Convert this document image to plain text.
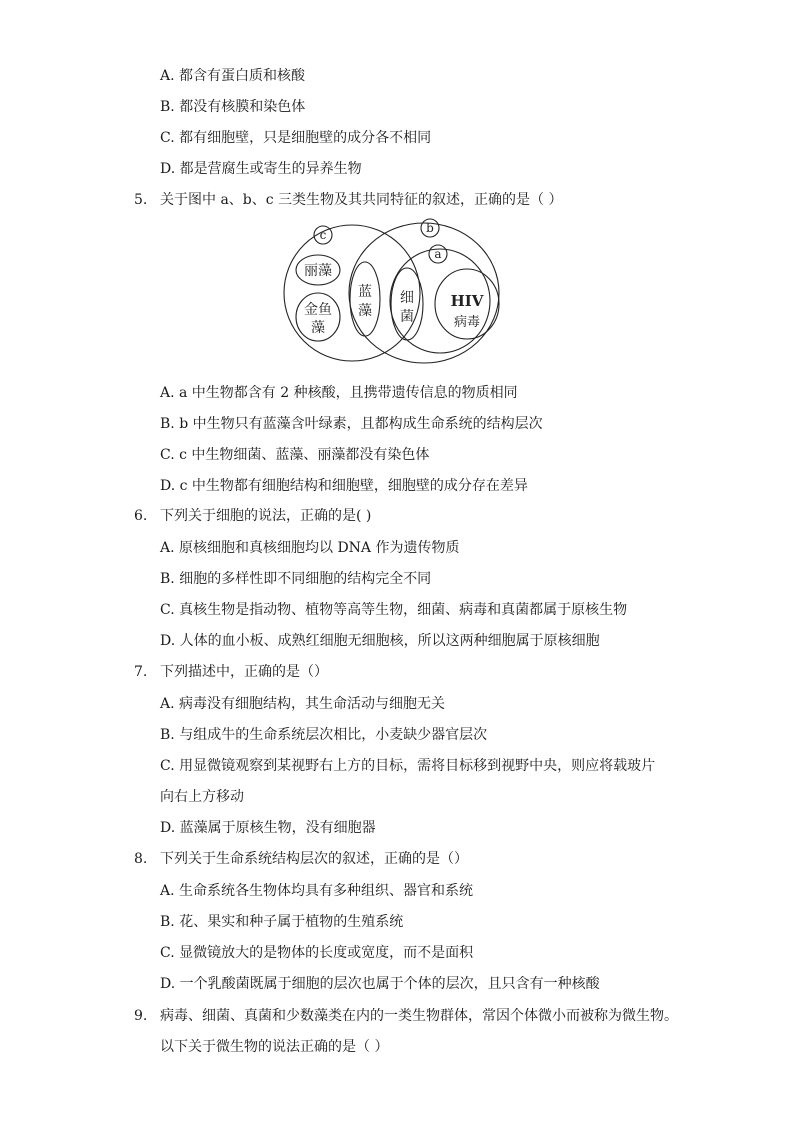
A. 都含有蛋白质和核酸
B. 都没有核膜和染色体
C. 都有细胞壁，只是细胞壁的成分各不相同
D. 都是营腐生或寄生的异养生物
5. 关于图中 a、b、c 三类生物及其共同特征的叙述，正确的是（ ）
c	b
a
丽藻
金鱼
藻
蓝
藻
细
菌
HIV
病毒
A. a 中生物都含有 2 种核酸，且携带遗传信息的物质相同
B. b 中生物只有蓝藻含叶绿素，且都构成生命系统的结构层次
C. c 中生物细菌、蓝藻、丽藻都没有染色体
D. c 中生物都有细胞结构和细胞壁，细胞壁的成分存在差异
6. 下列关于细胞的说法，正确的是( )
A. 原核细胞和真核细胞均以 DNA 作为遗传物质
B. 细胞的多样性即不同细胞的结构完全不同
C. 真核生物是指动物、植物等高等生物，细菌、病毒和真菌都属于原核生物
D. 人体的血小板、成熟红细胞无细胞核，所以这两种细胞属于原核细胞
7. 下列描述中，正确的是（）
A. 病毒没有细胞结构，其生命活动与细胞无关
B. 与组成牛的生命系统层次相比，小麦缺少器官层次
C. 用显微镜观察到某视野右上方的目标，需将目标移到视野中央，则应将载玻片
向右上方移动
D. 蓝藻属于原核生物，没有细胞器
8. 下列关于生命系统结构层次的叙述，正确的是（）
A. 生命系统各生物体均具有多种组织、器官和系统
B. 花、果实和种子属于植物的生殖系统
C. 显微镜放大的是物体的长度或宽度，而不是面积
D. 一个乳酸菌既属于细胞的层次也属于个体的层次，且只含有一种核酸
9. 病毒、细菌、真菌和少数藻类在内的一类生物群体，常因个体微小而被称为微生物。
以下关于微生物的说法正确的是（ ）
